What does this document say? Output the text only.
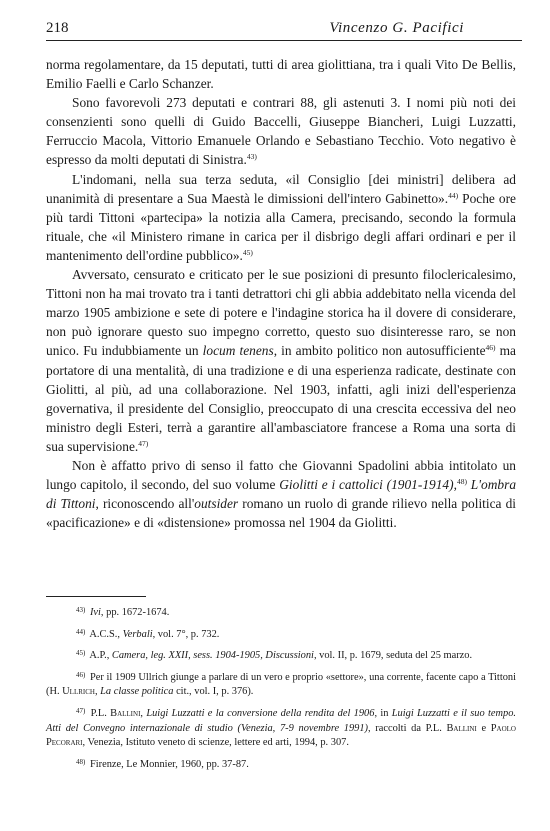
218	Vincenzo G. Pacifici

norma regolamentare, da 15 deputati, tutti di area giolittiana, tra i quali Vito De Bellis, Emilio Faelli e Carlo Schanzer.

Sono favorevoli 273 deputati e contrari 88, gli astenuti 3. I nomi più noti dei consenzienti sono quelli di Guido Baccelli, Giuseppe Biancheri, Luigi Luzzatti, Ferruccio Macola, Vittorio Emanuele Orlando e Sebastiano Tecchio. Voto negativo è espresso da molti deputati di Sinistra.$^{43)}$

L'indomani, nella sua terza seduta, «il Consiglio [dei ministri] delibera ad unanimità di presentare a Sua Maestà le dimissioni dell'intero Gabinetto».$^{44)}$ Poche ore più tardi Tittoni «partecipa» la notizia alla Camera, precisando, secondo la formula rituale, che «il Ministero rimane in carica per il disbrigo degli affari ordinari e per il mantenimento dell'ordine pubblico».$^{45)}$

Avversato, censurato e criticato per le sue posizioni di presunto filoclericalesimo, Tittoni non ha mai trovato tra i tanti detrattori chi gli abbia addebitato nella vicenda del marzo 1905 ambizione e sete di potere e l'indagine storica ha il dovere di considerare, non può ignorare questo suo impegno corretto, questo suo disinteresse raro, se non unico. Fu indubbiamente un locum tenens, in ambito politico non autosufficiente$^{46)}$ ma portatore di una mentalità, di una tradizione e di una esperienza radicate, destinate con Giolitti, al più, ad una collaborazione. Nel 1903, infatti, agli inizi dell'esperienza governativa, il presidente del Consiglio, preoccupato di una crescita eccessiva del neo ministro degli Esteri, terrà a garantire all'ambasciatore francese a Roma una sorta di sua supervisione.$^{47)}$

Non è affatto privo di senso il fatto che Giovanni Spadolini abbia intitolato un lungo capitolo, il secondo, del suo volume Giolitti e i cattolici (1901-1914),$^{48)}$ L'ombra di Tittoni, riconoscendo all'outsider romano un ruolo di grande rilievo nella politica di «pacificazione» e di «distensione» promossa nel 1904 da Giolitti.

$^{43)}$ Ivi, pp. 1672-1674.

$^{44)}$ A.C.S., Verbali, vol. 7°, p. 732.

$^{45)}$ A.P., Camera, leg. XXII, sess. 1904-1905, Discussioni, vol. II, p. 1679, seduta del 25 marzo.

$^{46)}$ Per il 1909 Ullrich giunge a parlare di un vero e proprio «settore», una corrente, facente capo a Tittoni (H. Ullrich, La classe politica cit., vol. I, p. 376).

$^{47)}$ P.L. Ballini, Luigi Luzzatti e la conversione della rendita del 1906, in Luigi Luzzatti e il suo tempo. Atti del Convegno internazionale di studio (Venezia, 7-9 novembre 1991), raccolti da P.L. Ballini e Paolo Pecorari, Venezia, Istituto veneto di scienze, lettere ed arti, 1994, p. 307.

$^{48)}$ Firenze, Le Monnier, 1960, pp. 37-87.
